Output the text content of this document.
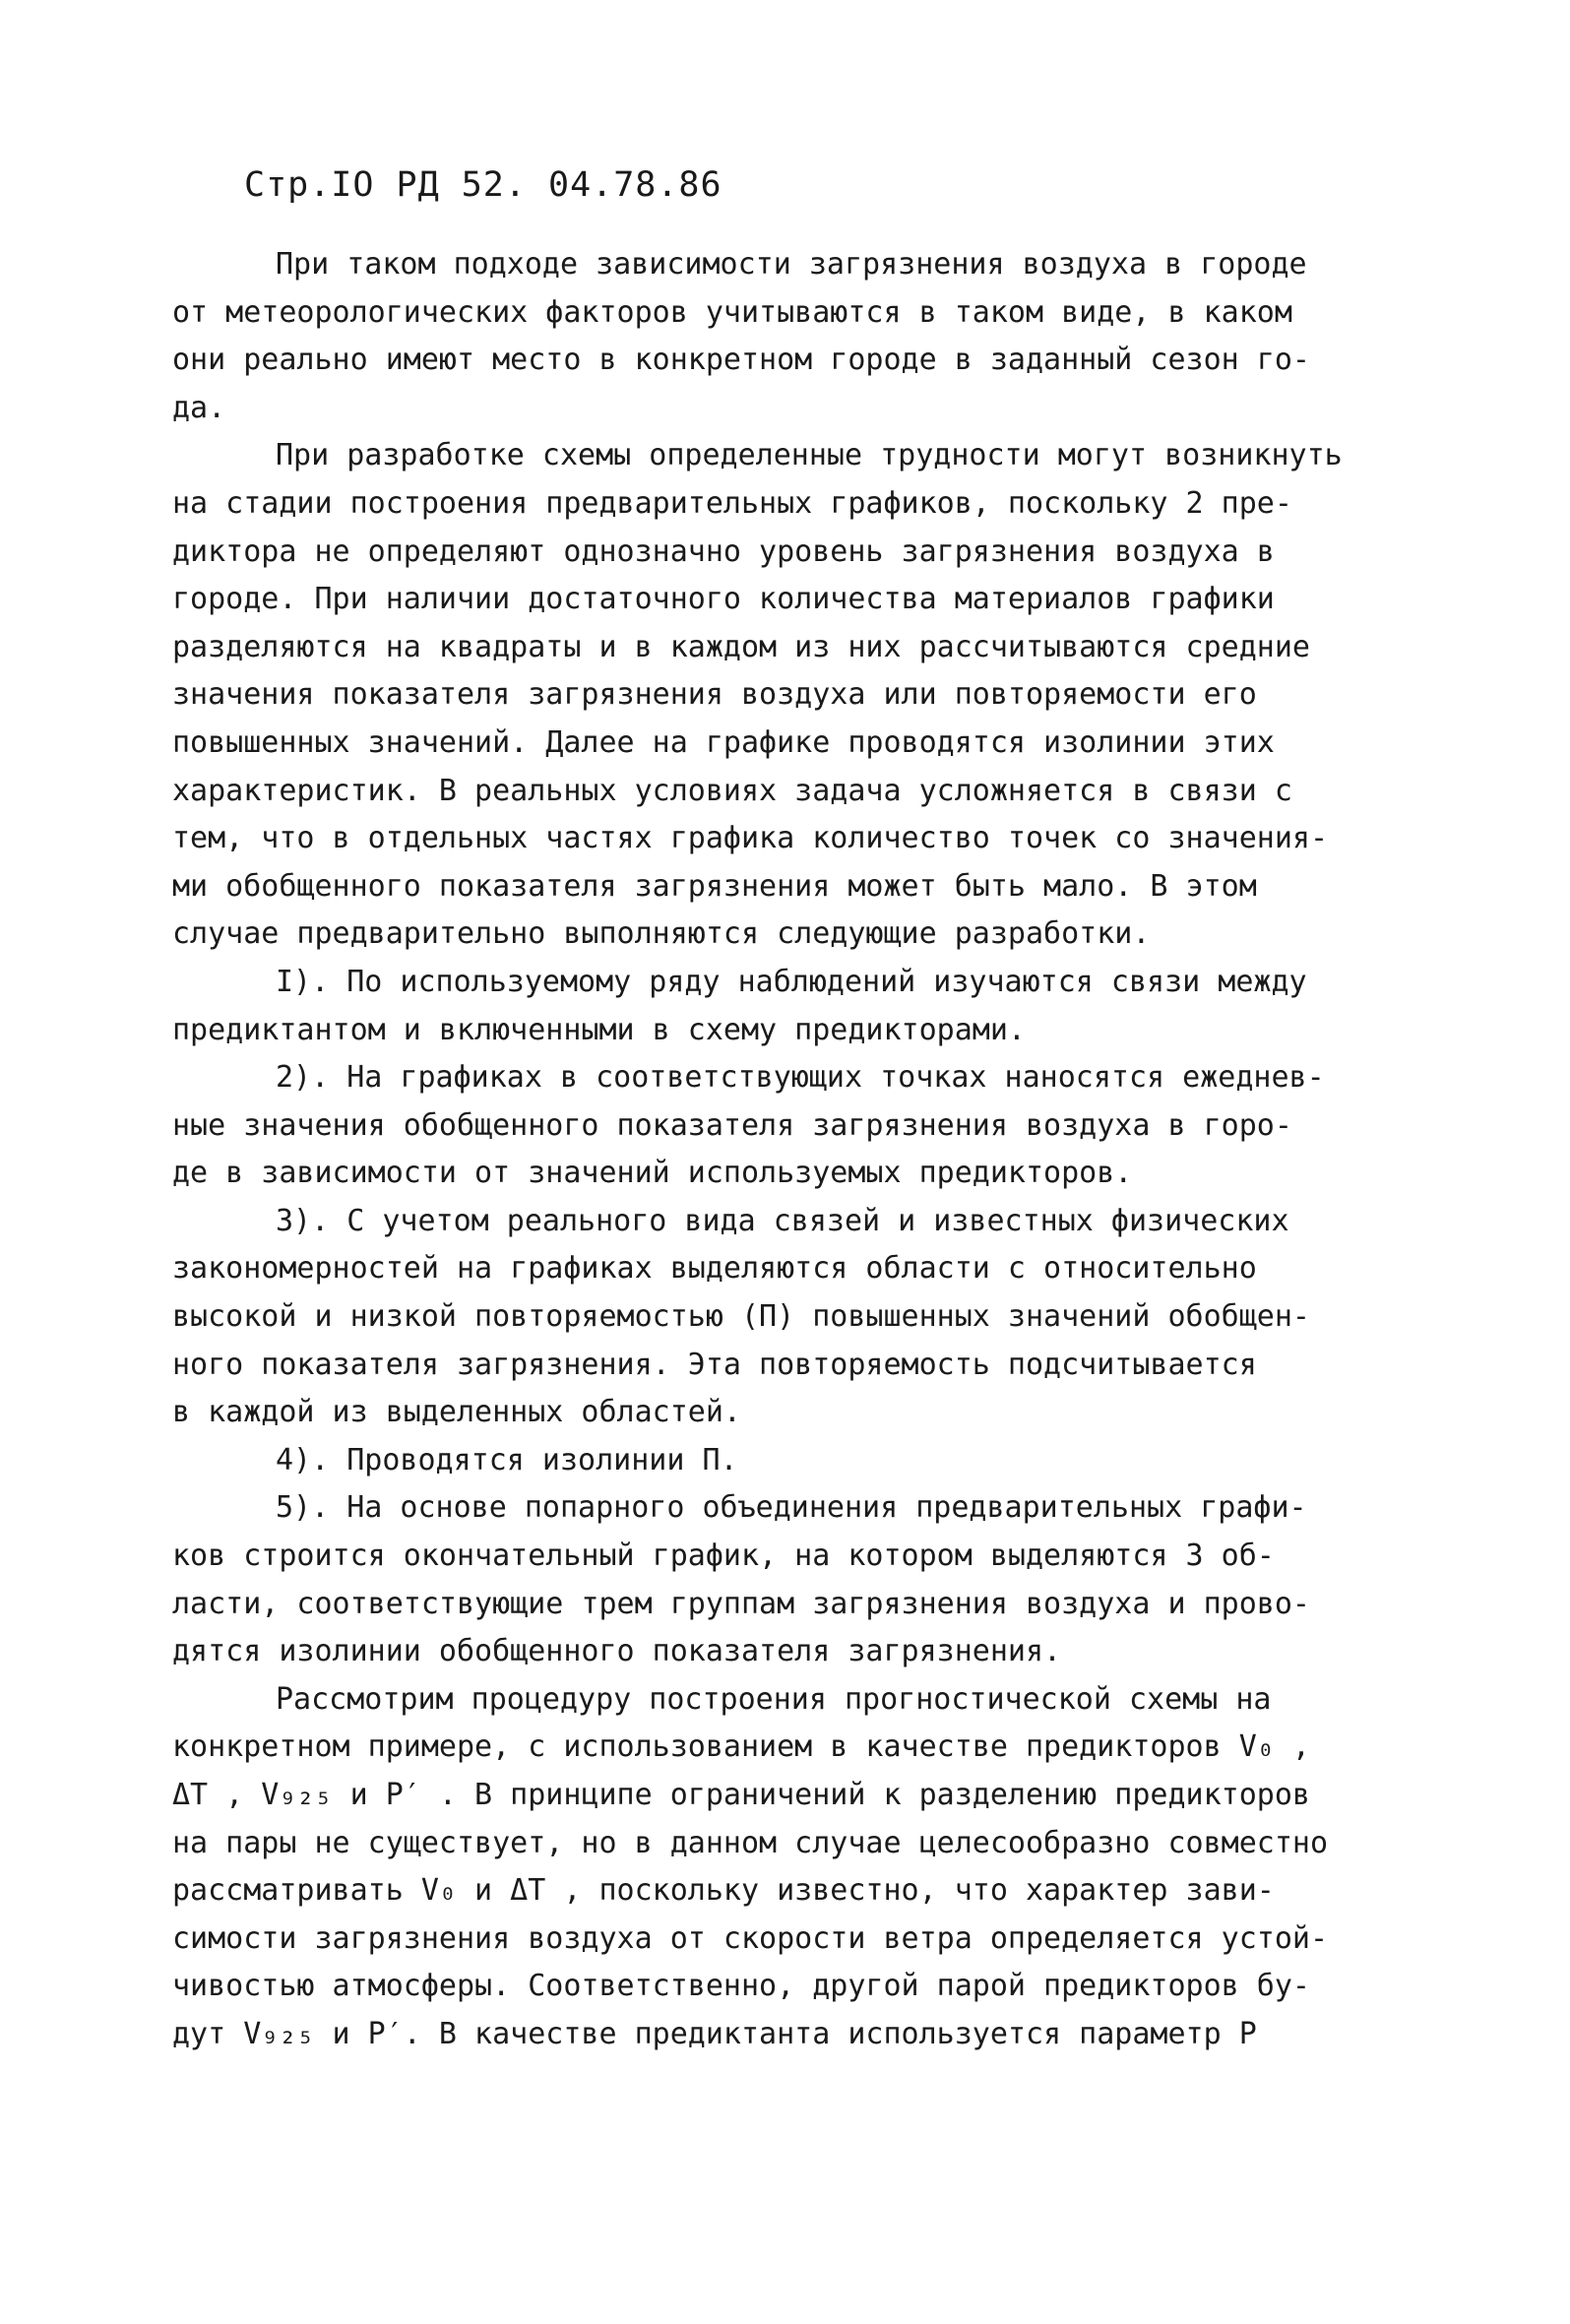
Стр.IO РД 52. 04.78.86

При таком подходе зависимости загрязнения воздуха в городе
от метеорологических факторов учитываются в таком виде, в каком
они реально имеют место в конкретном городе в заданный сезон го-
да.

При разработке схемы определенные трудности могут возникнуть
на стадии построения предварительных графиков, поскольку 2 пре-
диктора не определяют однозначно уровень загрязнения воздуха в
городе. При наличии достаточного количества материалов графики
разделяются на квадраты и в каждом из них рассчитываются средние
значения показателя загрязнения воздуха или повторяемости его
повышенных значений. Далее на графике проводятся изолинии этих
характеристик. В реальных условиях задача усложняется в связи с
тем, что в отдельных частях графика количество точек со значения-
ми обобщенного показателя загрязнения может быть мало. В этом
случае предварительно выполняются следующие разработки.

I). По используемому ряду наблюдений изучаются связи между
предиктантом и включенными в схему предикторами.

2). На графиках в соответствующих точках наносятся ежеднев-
ные значения обобщенного показателя загрязнения воздуха в горо-
де в зависимости от значений используемых предикторов.

3). С учетом реального вида связей и известных физических
закономерностей на графиках выделяются области с относительно
высокой и низкой повторяемостью (П) повышенных значений обобщен-
ного показателя загрязнения. Эта повторяемость подсчитывается
в каждой из выделенных областей.

4). Проводятся изолинии П.

5). На основе попарного объединения предварительных графи-
ков строится окончательный график, на котором выделяются 3 об-
ласти, соответствующие трем группам загрязнения воздуха и прово-
дятся изолинии обобщенного показателя загрязнения.

Рассмотрим процедуру построения прогностической схемы на
конкретном примере, с использованием в качестве предикторов V₀ ,
ΔT , V₉₂₅ и P′ . В принципе ограничений к разделению предикторов
на пары не существует, но в данном случае целесообразно совместно
рассматривать V₀ и ΔT , поскольку известно, что характер зави-
симости загрязнения воздуха от скорости ветра определяется устой-
чивостью атмосферы. Соответственно, другой парой предикторов бу-
дут V₉₂₅ и P′. В качестве предиктанта используется параметр P
